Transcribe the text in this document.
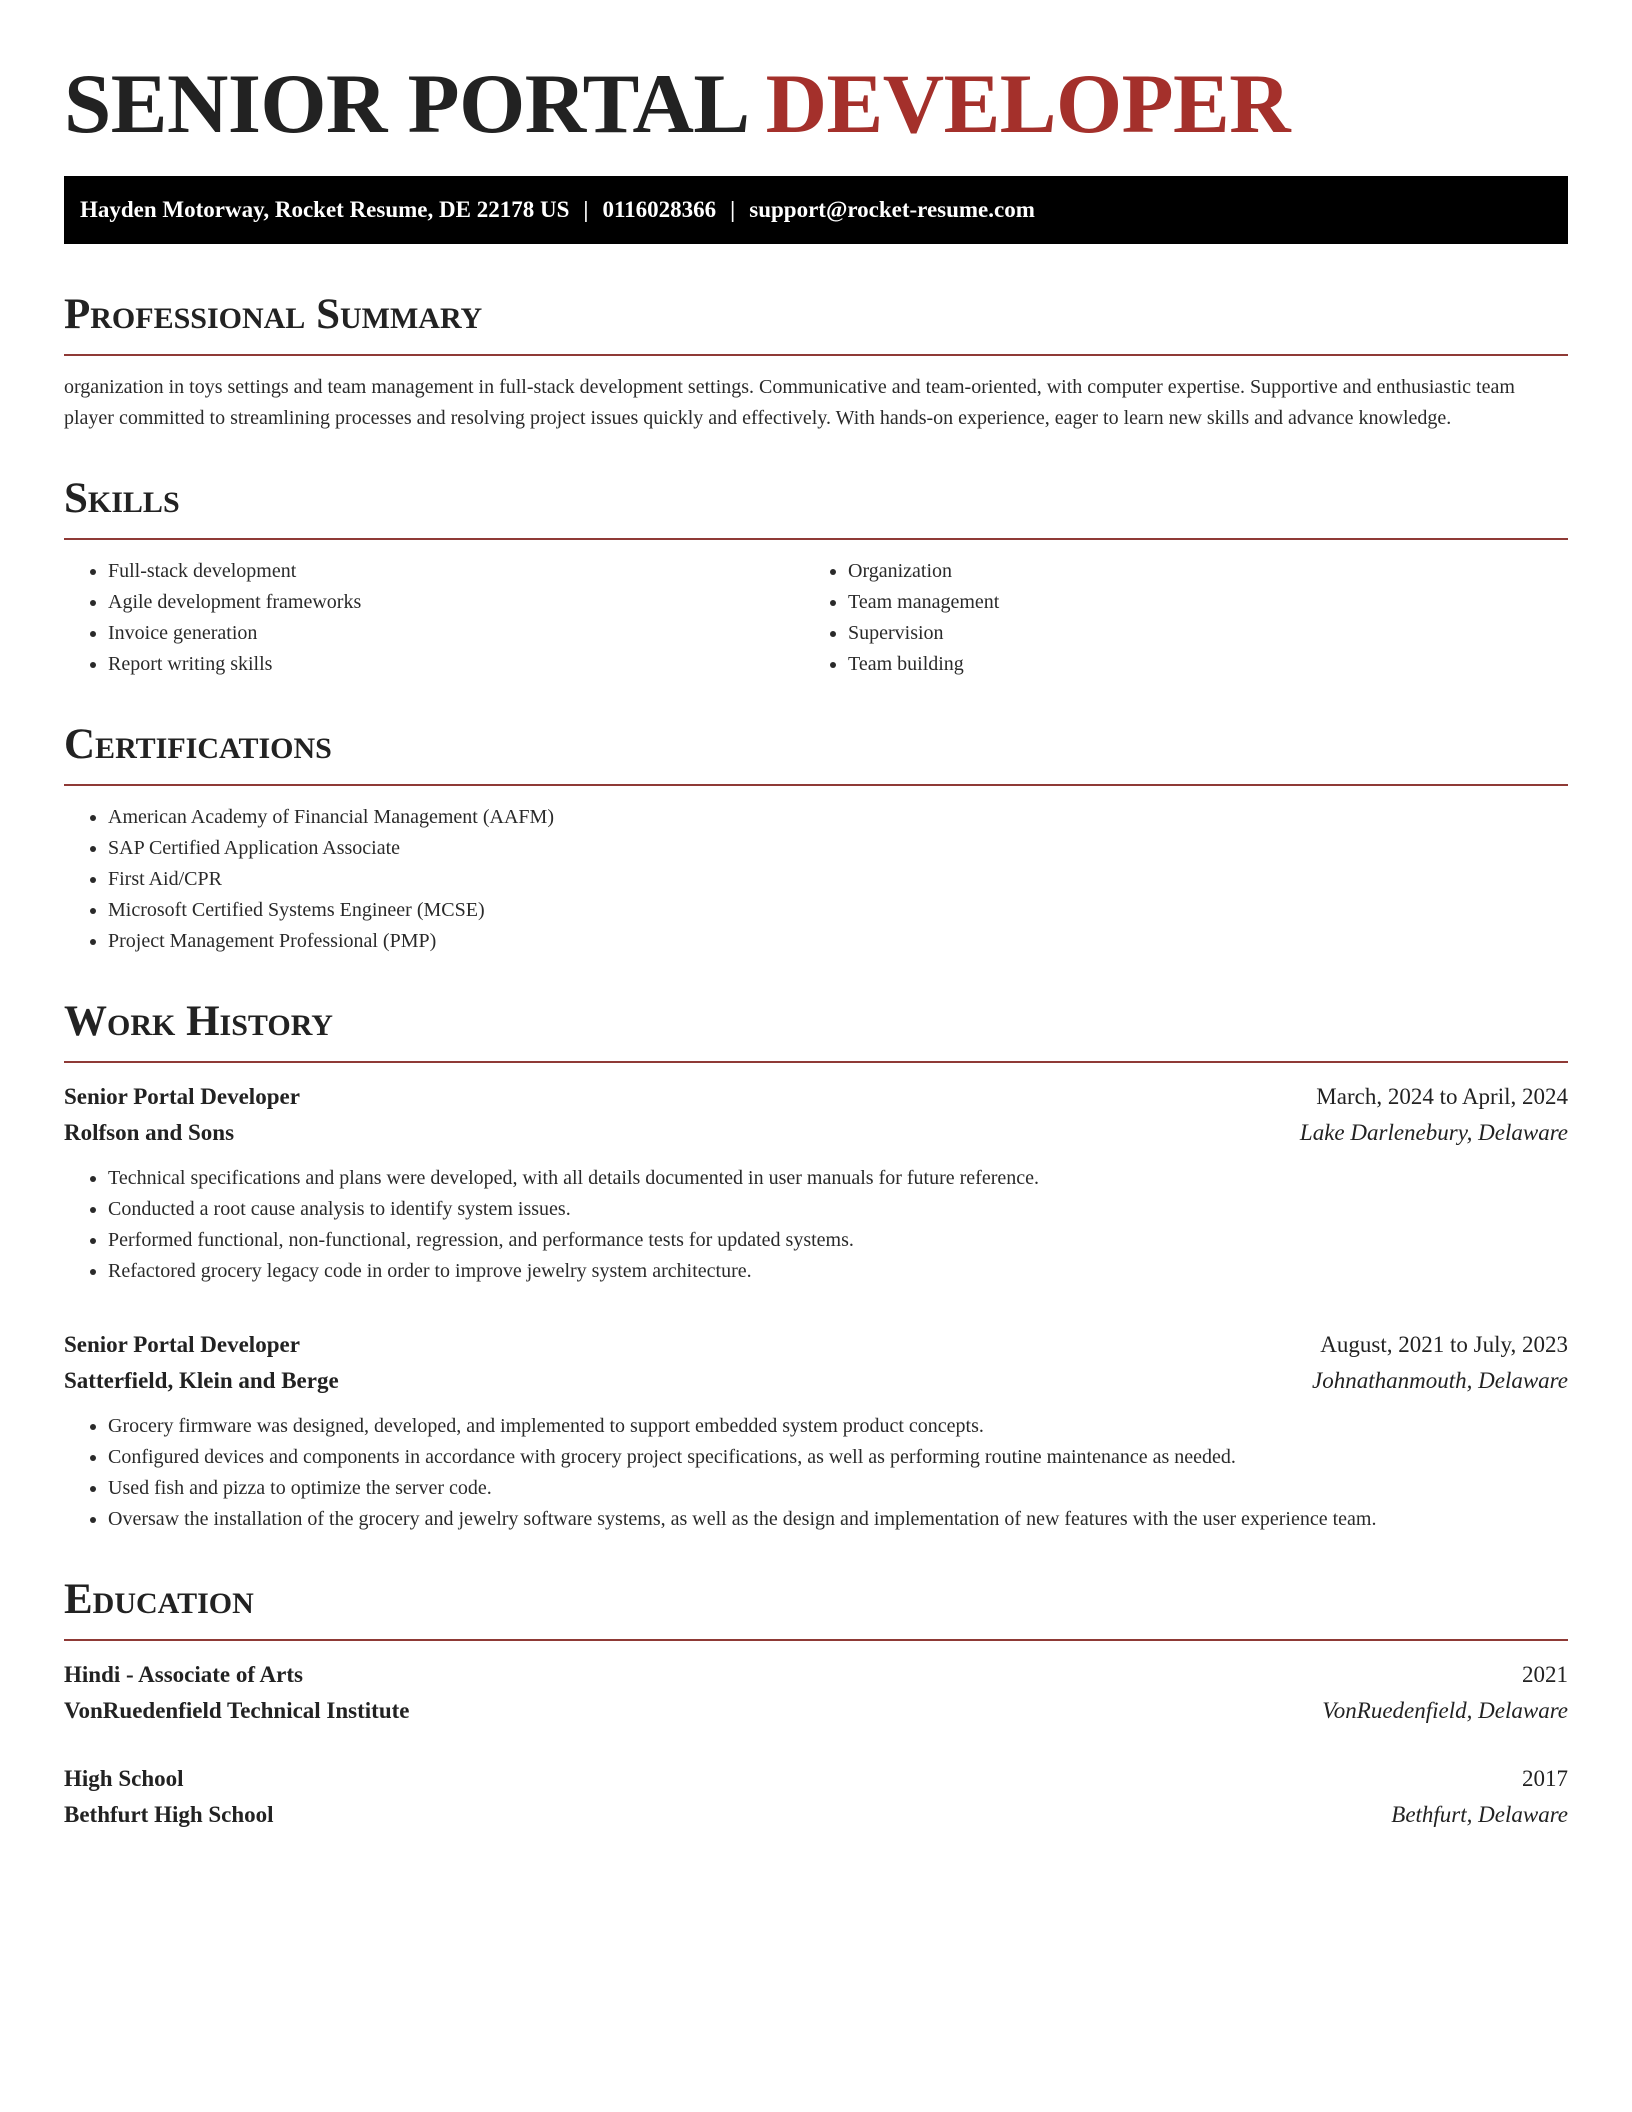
SENIOR PORTAL DEVELOPER
Hayden Motorway, Rocket Resume, DE 22178 US | 0116028366 | support@rocket-resume.com
Professional Summary

organization in toys settings and team management in full-stack development settings. Communicative and team-oriented, with computer expertise. Supportive and enthusiastic team player committed to streamlining processes and resolving project issues quickly and effectively. With hands-on experience, eager to learn new skills and advance knowledge.

Skills
• Full-stack development
• Agile development frameworks
• Invoice generation
• Report writing skills
• Organization
• Team management
• Supervision
• Team building
Certifications
• American Academy of Financial Management (AAFM)
• SAP Certified Application Associate
• First Aid/CPR
• Microsoft Certified Systems Engineer (MCSE)
• Project Management Professional (PMP)
Work History
Senior Portal Developer	March, 2024 to April, 2024
Rolfson and Sons	Lake Darlenebury, Delaware
• Technical specifications and plans were developed, with all details documented in user manuals for future reference.
• Conducted a root cause analysis to identify system issues.
• Performed functional, non-functional, regression, and performance tests for updated systems.
• Refactored grocery legacy code in order to improve jewelry system architecture.
Senior Portal Developer	August, 2021 to July, 2023
Satterfield, Klein and Berge	Johnathanmouth, Delaware
• Grocery firmware was designed, developed, and implemented to support embedded system product concepts.
• Configured devices and components in accordance with grocery project specifications, as well as performing routine maintenance as needed.
• Used fish and pizza to optimize the server code.
• Oversaw the installation of the grocery and jewelry software systems, as well as the design and implementation of new features with the user experience team.
Education
Hindi - Associate of Arts	2021
VonRuedenfield Technical Institute	VonRuedenfield, Delaware
High School	2017
Bethfurt High School	Bethfurt, Delaware
